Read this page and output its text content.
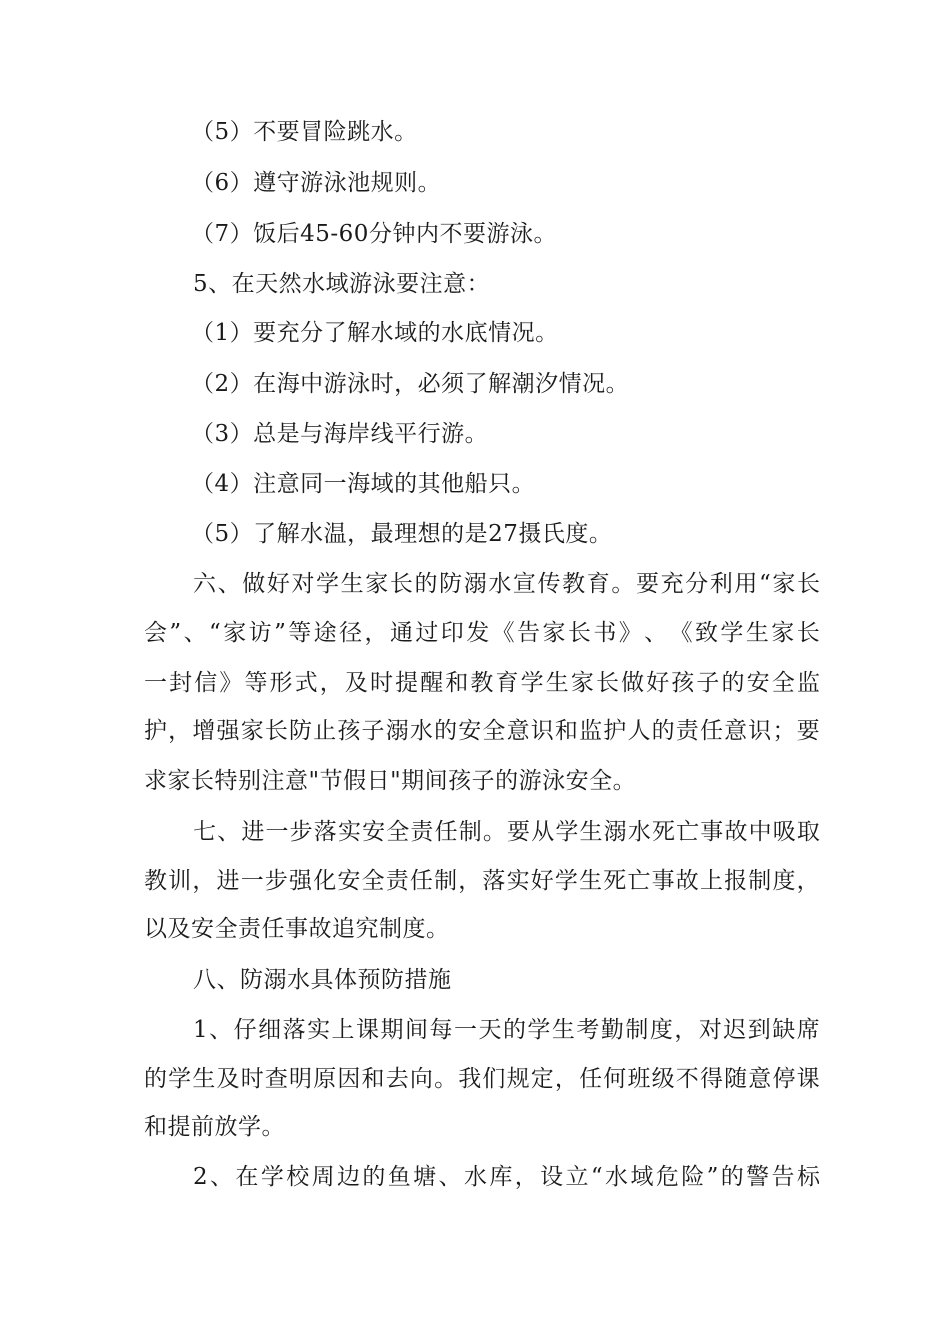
（5）不要冒险跳水。
（6）遵守游泳池规则。
（7）饭后45-60分钟内不要游泳。
5、在天然水域游泳要注意：
（1）要充分了解水域的水底情况。
（2）在海中游泳时，必须了解潮汐情况。
（3）总是与海岸线平行游。
（4）注意同一海域的其他船只。
（5）了解水温，最理想的是27摄氏度。
六 、 做 好 对 学 生 家 长 的 防 溺 水 宣 传 教 育 。 要 充 分 利 用 “ 家 长
会 ” 、 “ 家 访 ” 等 途 径 ， 通 过 印 发 《 告 家 长 书 》 、 《 致 学 生 家 长
一 封 信 》 等 形 式 ， 及 时 提 醒 和 教 育 学 生 家 长 做 好 孩 子 的 安 全 监
护 ， 增 强 家 长 防 止 孩 子 溺 水 的 安 全 意 识 和 监 护 人 的 责 任 意 识 ； 要
求家长特别注意"节假日"期间孩子的游泳安全。
七 、 进 一 步 落 实 安 全 责 任 制 。 要 从 学 生 溺 水 死 亡 事 故 中 吸 取
教 训 ， 进 一 步 强 化 安 全 责 任 制 ， 落 实 好 学 生 死 亡 事 故 上 报 制 度 ，
以及安全责任事故追究制度。
八、防溺水具体预防措施
1 、 仔 细 落 实 上 课 期 间 每 一 天 的 学 生 考 勤 制 度 ， 对 迟 到 缺 席
的 学 生 及 时 查 明 原 因 和 去 向 。 我 们 规 定 ， 任 何 班 级 不 得 随 意 停 课
和提前放学。
2 、 在 学 校 周 边 的 鱼 塘 、 水 库 ， 设 立 “ 水 域 危 险 ” 的 警 告 标
